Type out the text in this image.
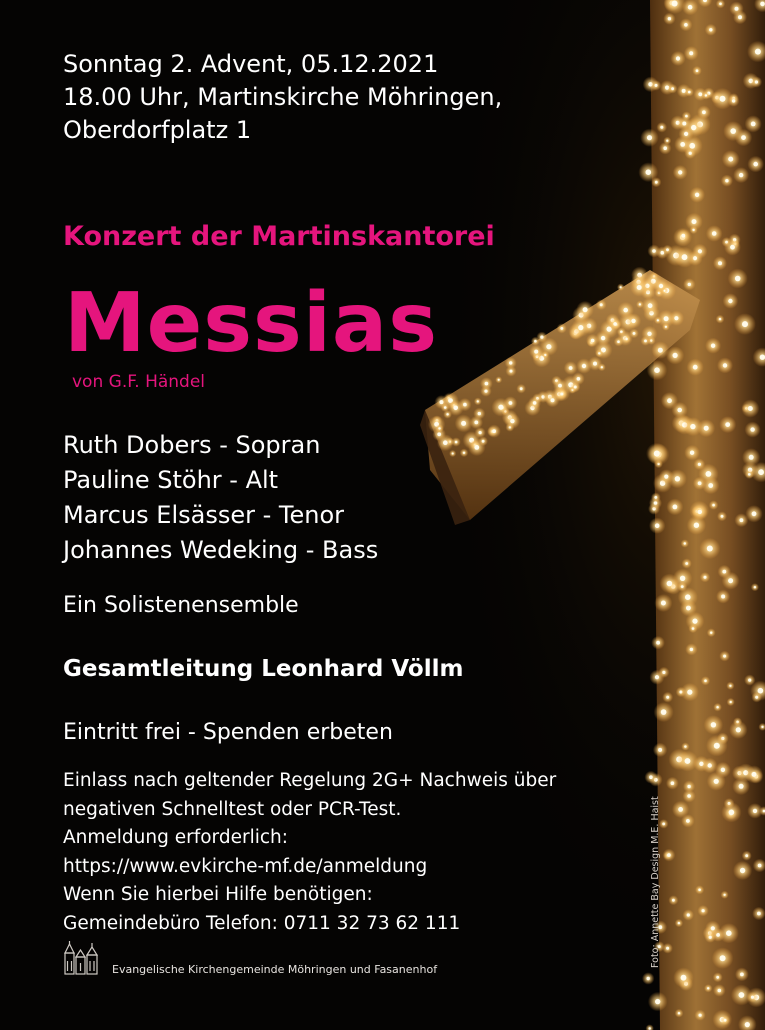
Sonntag 2. Advent, 05.12.2021
18.00 Uhr, Martinskirche Möhringen,
Oberdorfplatz 1
Konzert der Martinskantorei
Messias
von G.F. Händel
Ruth Dobers - Sopran
Pauline Stöhr - Alt
Marcus Elsässer - Tenor
Johannes Wedeking - Bass
Ein Solistenensemble
Gesamtleitung Leonhard Völlm
Eintritt frei - Spenden erbeten
Einlass nach geltender Regelung 2G+ Nachweis über
negativen Schnelltest oder PCR-Test.
Anmeldung erforderlich:
https://www.evkirche-mf.de/anmeldung
Wenn Sie hierbei Hilfe benötigen:
Gemeindebüro Telefon: 0711 32 73 62 111	Foto: Annette Bay Design M.E. Haist
Evangelische Kirchengemeinde Möhringen und Fasanenhof
